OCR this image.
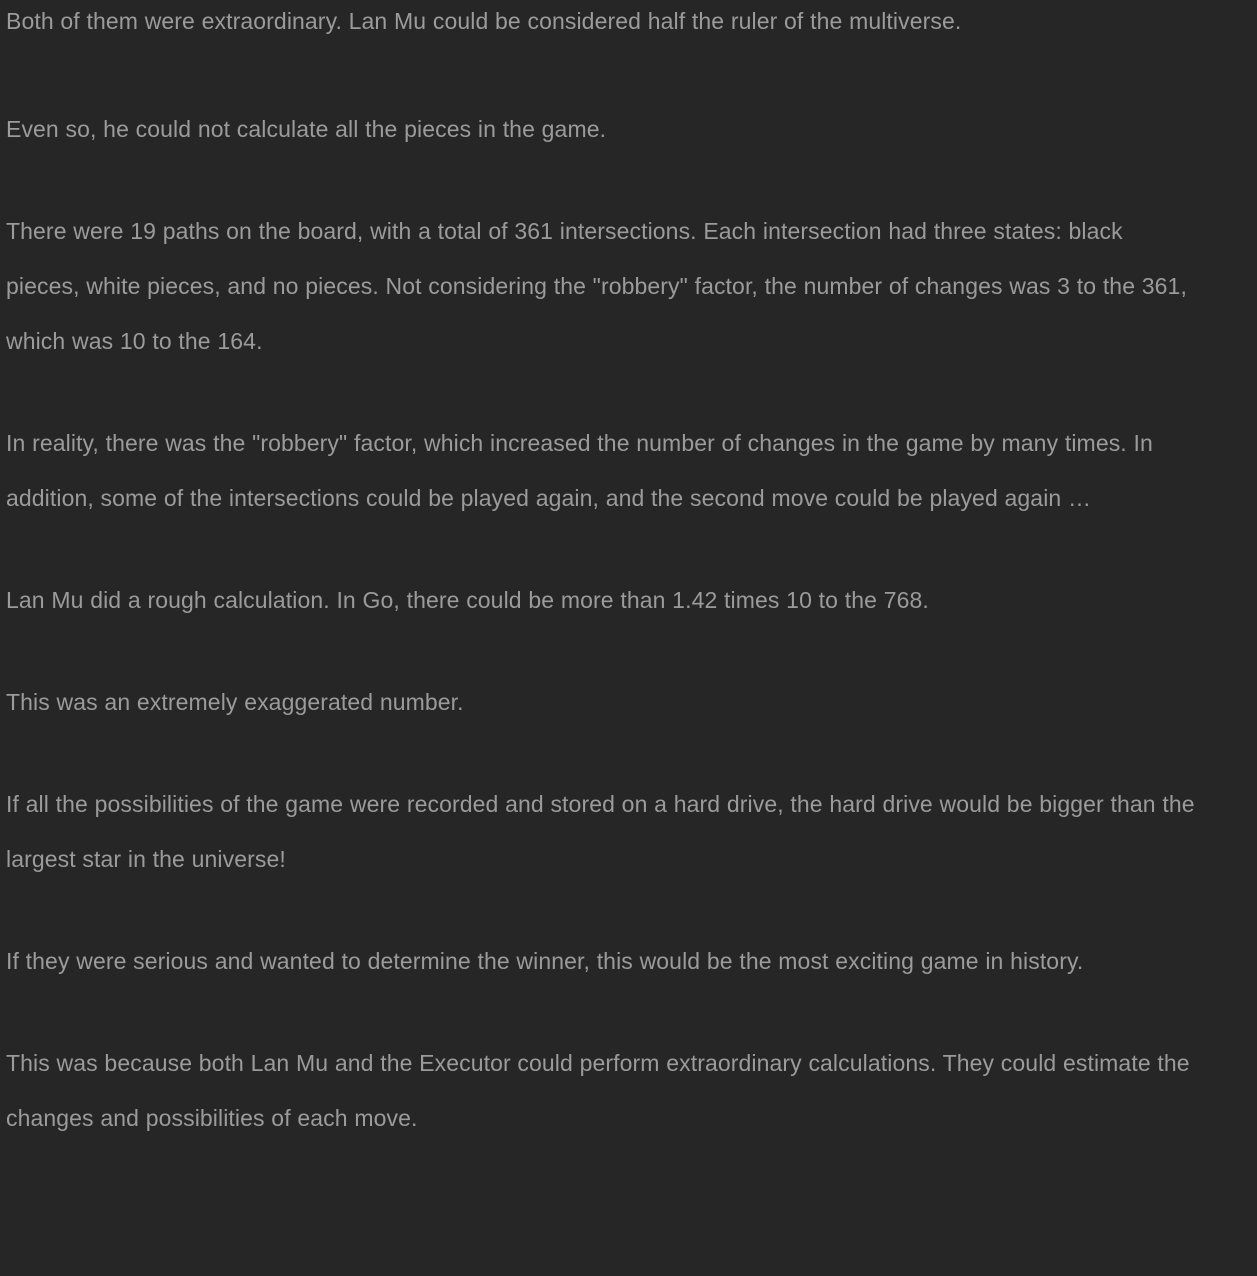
Both of them were extraordinary. Lan Mu could be considered half the ruler of the multiverse.

Even so, he could not calculate all the pieces in the game.

There were 19 paths on the board, with a total of 361 intersections. Each intersection had three states: black pieces, white pieces, and no pieces. Not considering the "robbery" factor, the number of changes was 3 to the 361, which was 10 to the 164.

In reality, there was the "robbery" factor, which increased the number of changes in the game by many times. In addition, some of the intersections could be played again, and the second move could be played again …

Lan Mu did a rough calculation. In Go, there could be more than 1.42 times 10 to the 768.

This was an extremely exaggerated number.

If all the possibilities of the game were recorded and stored on a hard drive, the hard drive would be bigger than the largest star in the universe!

If they were serious and wanted to determine the winner, this would be the most exciting game in history.

This was because both Lan Mu and the Executor could perform extraordinary calculations. They could estimate the changes and possibilities of each move.
